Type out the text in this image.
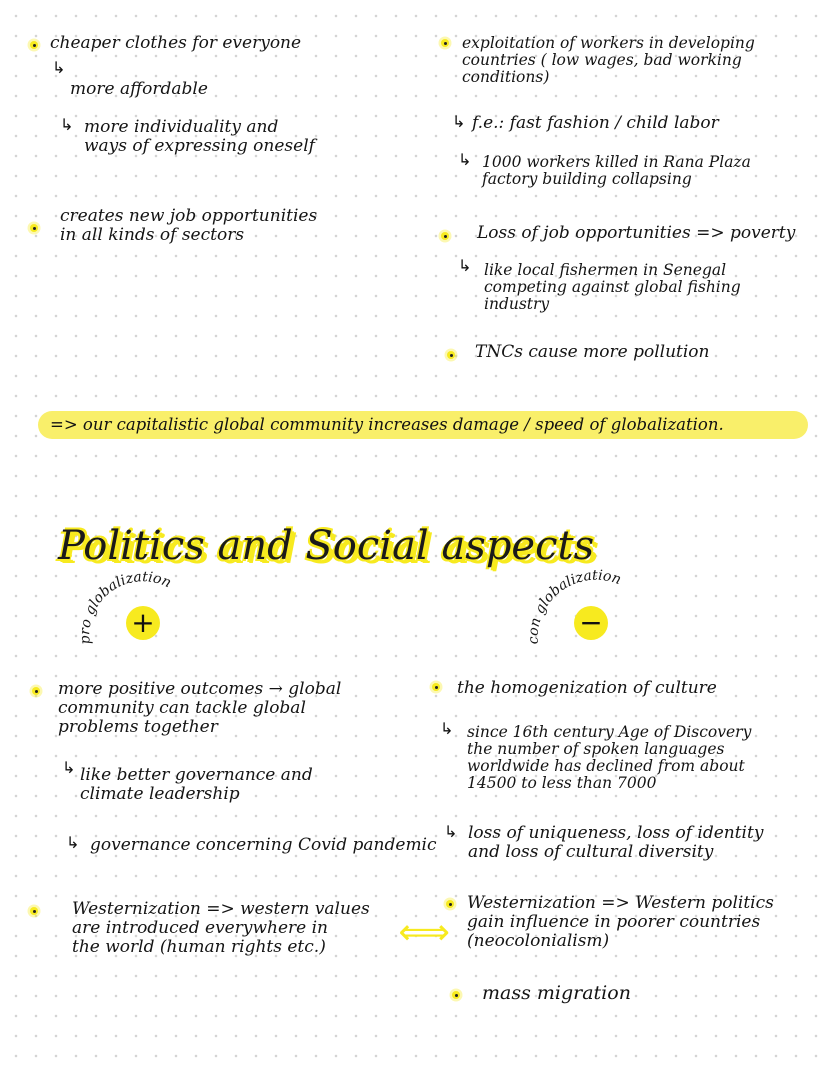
cheaper clothes for everyone

↳

more affordable

↳ more individuality and
ways of expressing oneself

creates new job opportunities
in all kinds of sectors

exploitation of workers in developing
countries ( low wages, bad working
conditions)

↳ f.e.: fast fashion / child labor

↳ 1000 workers killed in Rana Plaza
factory building collapsing

Loss of job opportunities => poverty

↳ like local fishermen in Senegal
competing against global fishing
industry

TNCs cause more pollution

=> our capitalistic global community increases damage / speed of globalization.

Politics and Social aspects
pro globalization
+
con globalization
−

more positive outcomes → global
community can tackle global
problems together

↳ like better governance and
climate leadership

↳ governance concerning Covid pandemic

Westernization => western values
are introduced everywhere in
the world (human rights etc.)	⟺

the homogenization of culture

↳ since 16th century Age of Discovery
the number of spoken languages
worldwide has declined from about
14500 to less than 7000

↳ loss of uniqueness, loss of identity
and loss of cultural diversity

Westernization => Western politics
gain influence in poorer countries
(neocolonialism)

mass migration
